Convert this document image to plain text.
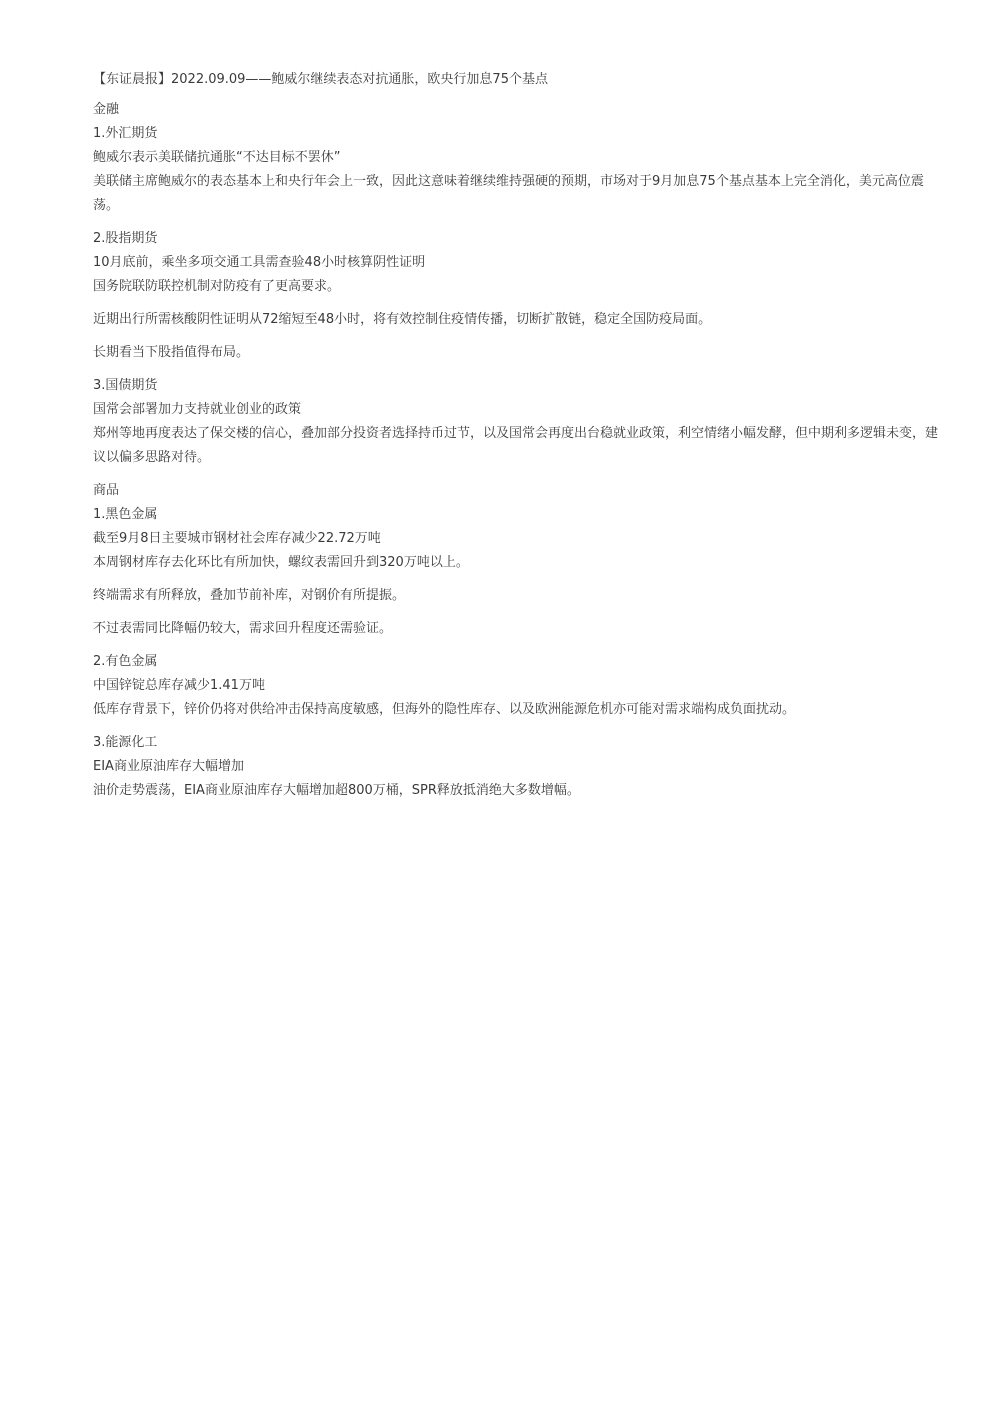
【东证晨报】2022.09.09——鲍威尔继续表态对抗通胀，欧央行加息75个基点

金融

1.外汇期货

鲍威尔表示美联储抗通胀“不达目标不罢休”

美联储主席鲍威尔的表态基本上和央行年会上一致，因此这意味着继续维持强硬的预期，市场对于9月加息75个基点基本上完全消化，美元高位震荡。

2.股指期货

10月底前，乘坐多项交通工具需查验48小时核算阴性证明

国务院联防联控机制对防疫有了更高要求。

近期出行所需核酸阴性证明从72缩短至48小时，将有效控制住疫情传播，切断扩散链，稳定全国防疫局面。

长期看当下股指值得布局。

3.国债期货

国常会部署加力支持就业创业的政策

郑州等地再度表达了保交楼的信心，叠加部分投资者选择持币过节，以及国常会再度出台稳就业政策，利空情绪小幅发酵，但中期利多逻辑未变，建议以偏多思路对待。

商品

1.黑色金属

截至9月8日主要城市钢材社会库存减少22.72万吨

本周钢材库存去化环比有所加快，螺纹表需回升到320万吨以上。

终端需求有所释放，叠加节前补库，对钢价有所提振。

不过表需同比降幅仍较大，需求回升程度还需验证。

2.有色金属

中国锌锭总库存减少1.41万吨

低库存背景下，锌价仍将对供给冲击保持高度敏感，但海外的隐性库存、以及欧洲能源危机亦可能对需求端构成负面扰动。

3.能源化工

EIA商业原油库存大幅增加

油价走势震荡，EIA商业原油库存大幅增加超800万桶，SPR释放抵消绝大多数增幅。
